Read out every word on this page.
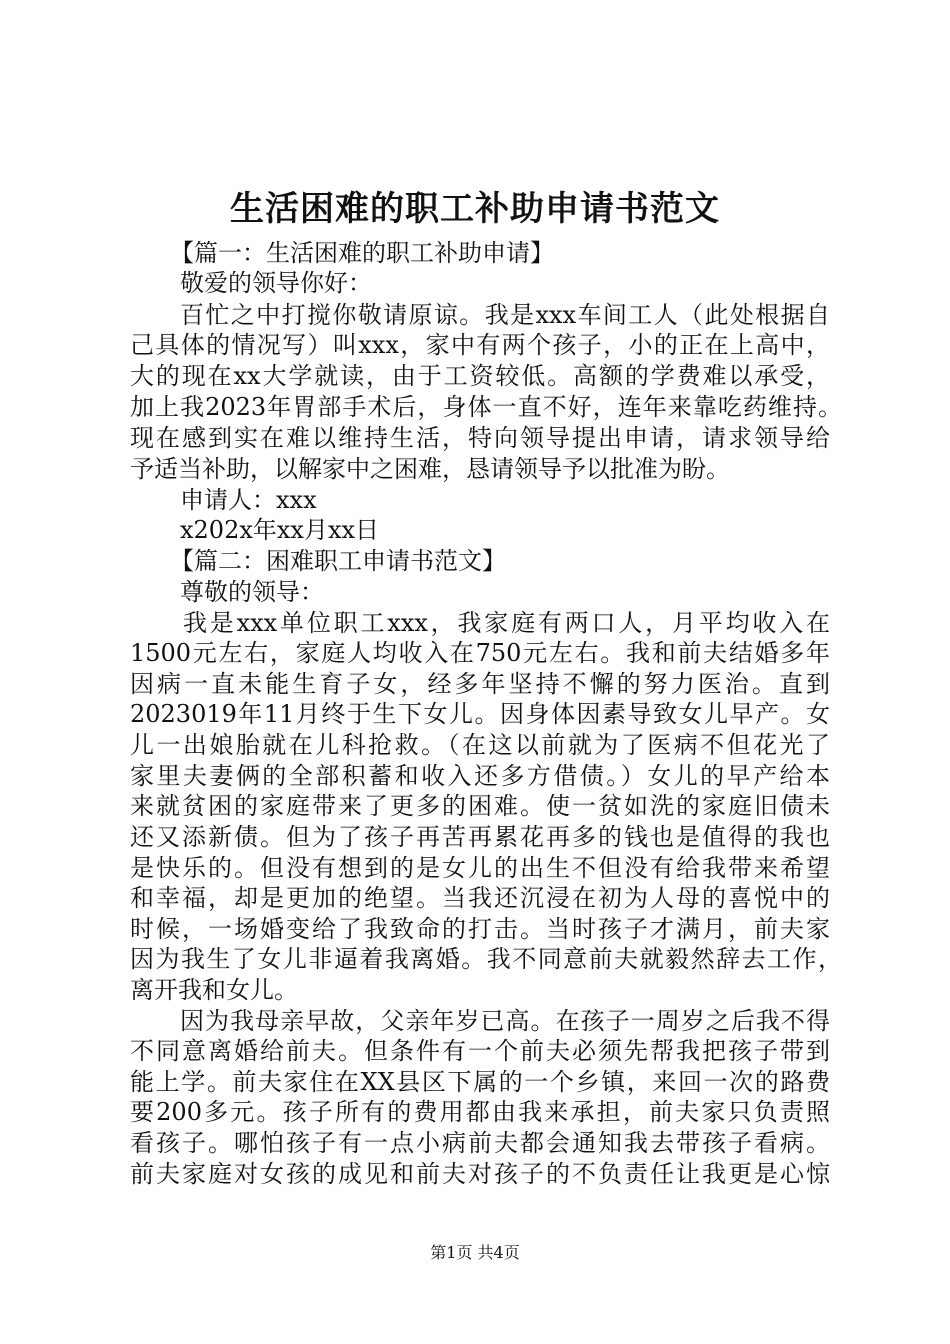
生活困难的职工补助申请书范文
【篇一：生活困难的职工补助申请】
敬爱的领导你好：
百忙之中打搅你敬请原谅。我是xxx车间工人（此处根据自
己具体的情况写）叫xxx，家中有两个孩子，小的正在上高中，
大的现在xx大学就读，由于工资较低。高额的学费难以承受，
加上我2023年胃部手术后，身体一直不好，连年来靠吃药维持。
现在感到实在难以维持生活，特向领导提出申请，请求领导给
予适当补助，以解家中之困难，恳请领导予以批准为盼。
申请人：xxx
x202x年xx月xx日
【篇二：困难职工申请书范文】
尊敬的领导：
我是xxx单位职工xxx，我家庭有两口人，月平均收入在
1500元左右，家庭人均收入在750元左右。我和前夫结婚多年
因病一直未能生育子女，经多年坚持不懈的努力医治。直到
2023019年11月终于生下女儿。因身体因素导致女儿早产。女
儿一出娘胎就在儿科抢救。（在这以前就为了医病不但花光了
家里夫妻俩的全部积蓄和收入还多方借债。）女儿的早产给本
来就贫困的家庭带来了更多的困难。使一贫如洗的家庭旧债未
还又添新债。但为了孩子再苦再累花再多的钱也是值得的我也
是快乐的。但没有想到的是女儿的出生不但没有给我带来希望
和幸福，却是更加的绝望。当我还沉浸在初为人母的喜悦中的
时候，一场婚变给了我致命的打击。当时孩子才满月，前夫家
因为我生了女儿非逼着我离婚。我不同意前夫就毅然辞去工作，
离开我和女儿。
因为我母亲早故，父亲年岁已高。在孩子一周岁之后我不得
不同意离婚给前夫。但条件有一个前夫必须先帮我把孩子带到
能上学。前夫家住在XX县区下属的一个乡镇，来回一次的路费
要200多元。孩子所有的费用都由我来承担，前夫家只负责照
看孩子。哪怕孩子有一点小病前夫都会通知我去带孩子看病。
前夫家庭对女孩的成见和前夫对孩子的不负责任让我更是心惊
第1页 共4页
